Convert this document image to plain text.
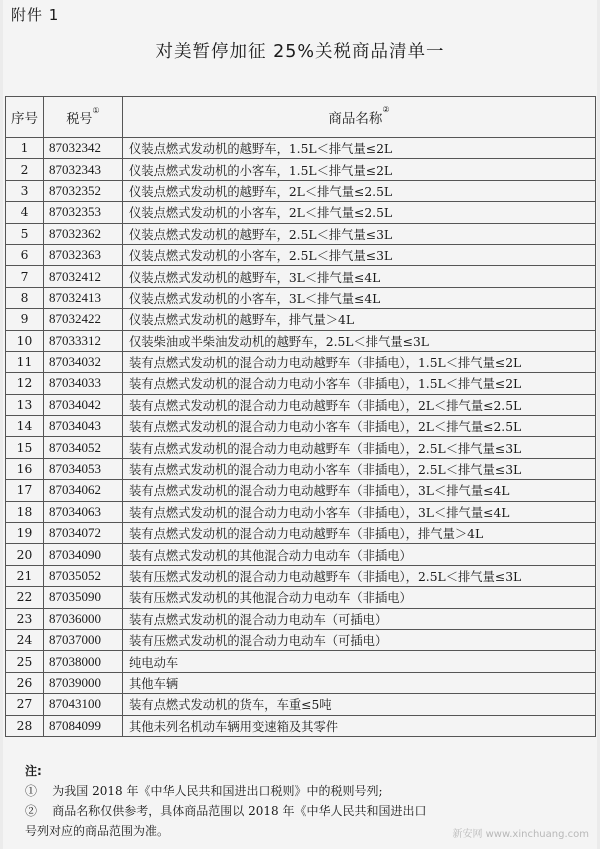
附件 1
对美暂停加征 25%关税商品清单一
序号	税号①	商品名称②
1	87032342	仪装点燃式发动机的越野车，1.5L＜排气量≤2L
2	87032343	仪装点燃式发动机的小客车，1.5L＜排气量≤2L
3	87032352	仪装点燃式发动机的越野车，2L＜排气量≤2.5L
4	87032353	仪装点燃式发动机的小客车，2L＜排气量≤2.5L
5	87032362	仪装点燃式发动机的越野车，2.5L＜排气量≤3L
6	87032363	仪装点燃式发动机的小客车，2.5L＜排气量≤3L
7	87032412	仪装点燃式发动机的越野车，3L＜排气量≤4L
8	87032413	仪装点燃式发动机的小客车，3L＜排气量≤4L
9	87032422	仪装点燃式发动机的越野车，排气量＞4L
10	87033312	仅装柴油或半柴油发动机的越野车，2.5L＜排气量≤3L
11	87034032	装有点燃式发动机的混合动力电动越野车（非插电），1.5L＜排气量≤2L
12	87034033	装有点燃式发动机的混合动力电动小客车（非插电），1.5L＜排气量≤2L
13	87034042	装有点燃式发动机的混合动力电动越野车（非插电），2L＜排气量≤2.5L
14	87034043	装有点燃式发动机的混合动力电动小客车（非插电），2L＜排气量≤2.5L
15	87034052	装有点燃式发动机的混合动力电动越野车（非插电），2.5L＜排气量≤3L
16	87034053	装有点燃式发动机的混合动力电动小客车（非插电），2.5L＜排气量≤3L
17	87034062	装有点燃式发动机的混合动力电动越野车（非插电），3L＜排气量≤4L
18	87034063	装有点燃式发动机的混合动力电动小客车（非插电），3L＜排气量≤4L
19	87034072	装有点燃式发动机的混合动力电动越野车（非插电），排气量＞4L
20	87034090	装有点燃式发动机的其他混合动力电动车（非插电）
21	87035052	装有压燃式发动机的混合动力电动越野车（非插电），2.5L＜排气量≤3L
22	87035090	装有压燃式发动机的其他混合动力电动车（非插电）
23	87036000	装有点燃式发动机的混合动力电动车（可插电）
24	87037000	装有压燃式发动机的混合动力电动车（可插电）
25	87038000	纯电动车
26	87039000	其他车辆
27	87043100	装有点燃式发动机的货车，车重≤5吨
28	87084099	其他未列名机动车辆用变速箱及其零件
注:
① 为我国 2018 年《中华人民共和国进出口税则》中的税则号列;
② 商品名称仅供参考，具体商品范围以 2018 年《中华人民共和国进出口
号列对应的商品范围为准。	新安网 www.xinchuang.com
